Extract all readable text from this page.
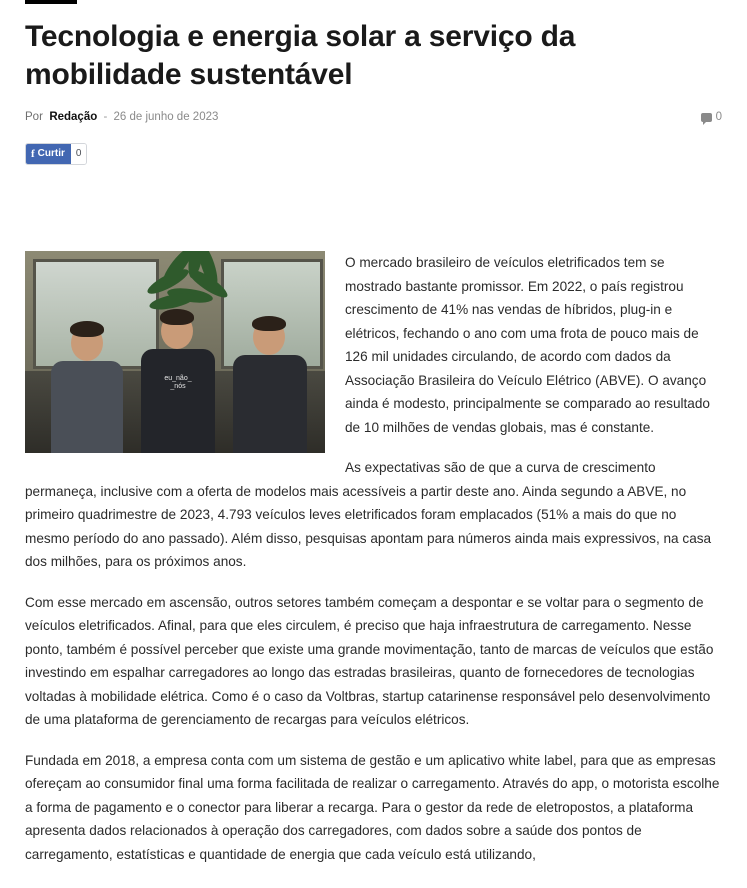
Tecnologia e energia solar a serviço da mobilidade sustentável
Por Redação - 26 de junho de 2023	0
f Curtir	0
eu_não_
_nós

O mercado brasileiro de veículos eletrificados tem se mostrado bastante promissor. Em 2022, o país registrou crescimento de 41% nas vendas de híbridos, plug-in e elétricos, fechando o ano com uma frota de pouco mais de 126 mil unidades circulando, de acordo com dados da Associação Brasileira do Veículo Elétrico (ABVE). O avanço ainda é modesto, principalmente se comparado ao resultado de 10 milhões de vendas globais, mas é constante.

As expectativas são de que a curva de crescimento permaneça, inclusive com a oferta de modelos mais acessíveis a partir deste ano. Ainda segundo a ABVE, no primeiro quadrimestre de 2023, 4.793 veículos leves eletrificados foram emplacados (51% a mais do que no mesmo período do ano passado). Além disso, pesquisas apontam para números ainda mais expressivos, na casa dos milhões, para os próximos anos.

Com esse mercado em ascensão, outros setores também começam a despontar e se voltar para o segmento de veículos eletrificados. Afinal, para que eles circulem, é preciso que haja infraestrutura de carregamento. Nesse ponto, também é possível perceber que existe uma grande movimentação, tanto de marcas de veículos que estão investindo em espalhar carregadores ao longo das estradas brasileiras, quanto de fornecedores de tecnologias voltadas à mobilidade elétrica. Como é o caso da Voltbras, startup catarinense responsável pelo desenvolvimento de uma plataforma de gerenciamento de recargas para veículos elétricos.

Fundada em 2018, a empresa conta com um sistema de gestão e um aplicativo white label, para que as empresas ofereçam ao consumidor final uma forma facilitada de realizar o carregamento. Através do app, o motorista escolhe a forma de pagamento e o conector para liberar a recarga. Para o gestor da rede de eletropostos, a plataforma apresenta dados relacionados à operação dos carregadores, com dados sobre a saúde dos pontos de carregamento, estatísticas e quantidade de energia que cada veículo está utilizando,
